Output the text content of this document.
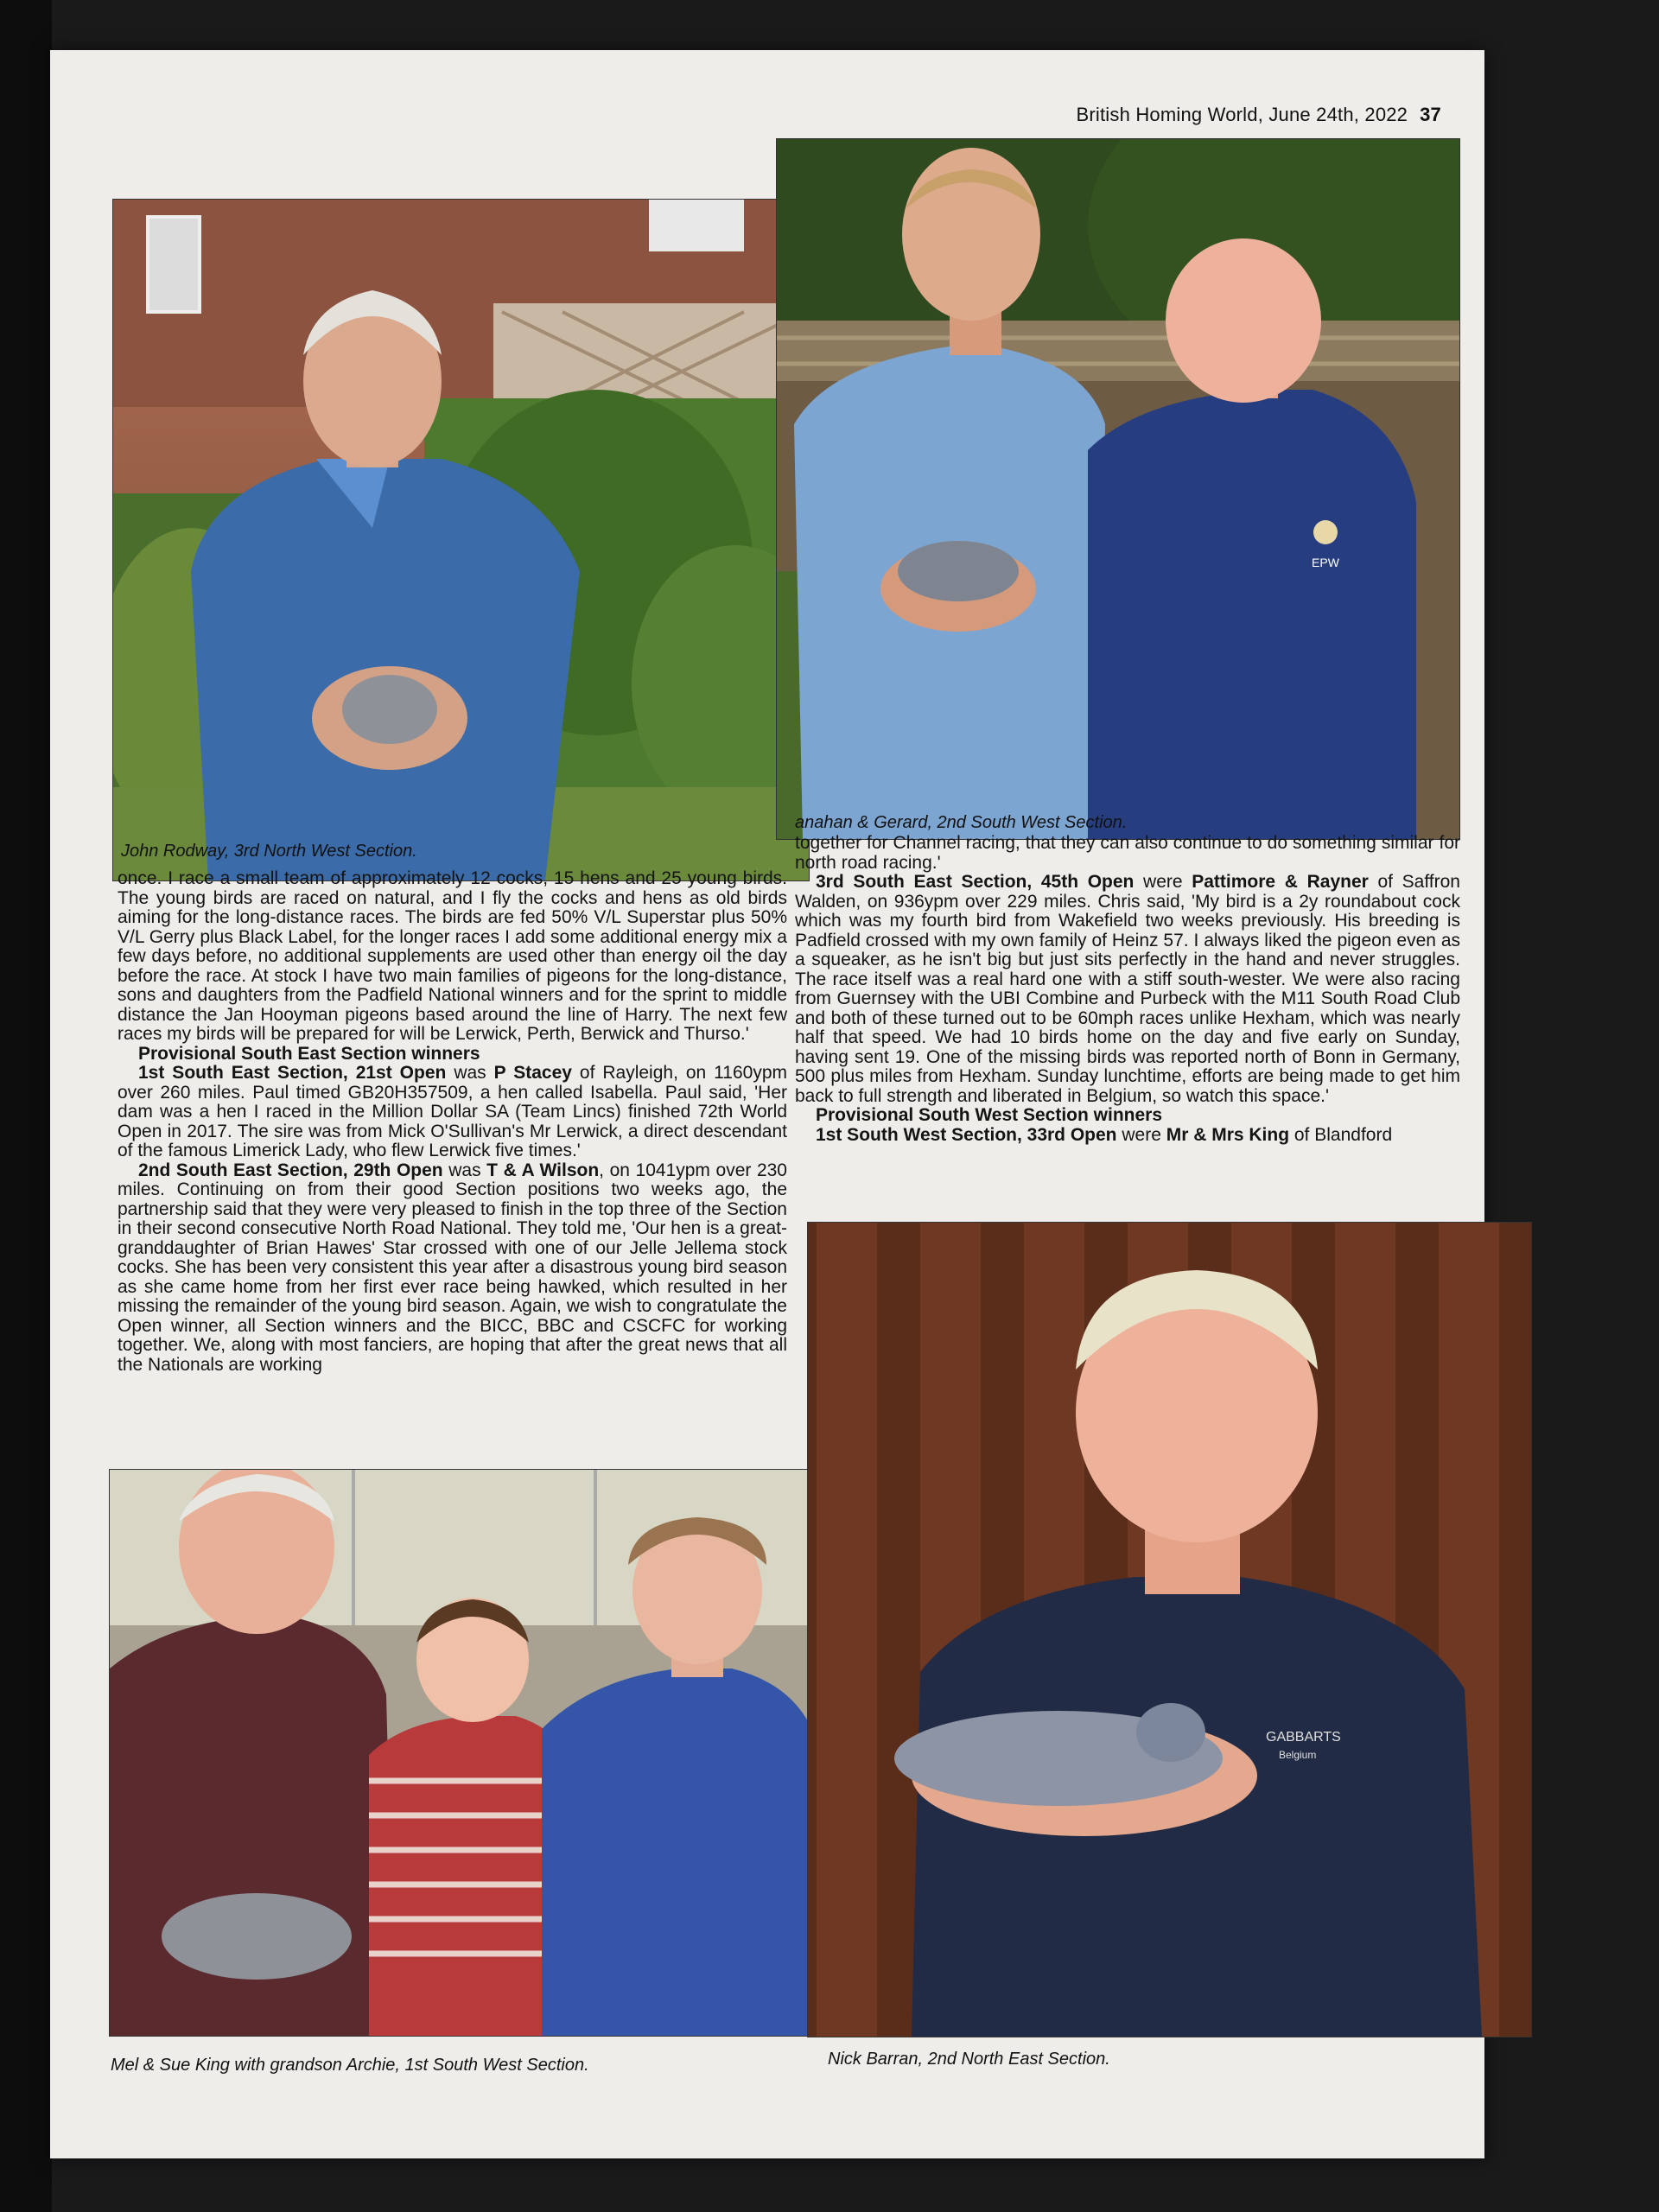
British Homing World, June 24th, 2022 37
John Rodway, 3rd North West Section.
EPW
anahan & Gerard, 2nd South West Section.

once. I race a small team of approximately 12 cocks, 15 hens and 25 young birds. The young birds are raced on natural, and I fly the cocks and hens as old birds aiming for the long-distance races. The birds are fed 50% V/L Superstar plus 50% V/L Gerry plus Black Label, for the longer races I add some additional energy mix a few days before, no additional supplements are used other than energy oil the day before the race. At stock I have two main families of pigeons for the long-distance, sons and daughters from the Padfield National winners and for the sprint to middle distance the Jan Hooyman pigeons based around the line of Harry. The next few races my birds will be prepared for will be Lerwick, Perth, Berwick and Thurso.'

Provisional South East Section winners

1st South East Section, 21st Open was P Stacey of Rayleigh, on 1160ypm over 260 miles. Paul timed GB20H357509, a hen called Isabella. Paul said, 'Her dam was a hen I raced in the Million Dollar SA (Team Lincs) finished 72th World Open in 2017. The sire was from Mick O'Sullivan's Mr Lerwick, a direct descendant of the famous Limerick Lady, who flew Lerwick five times.'

2nd South East Section, 29th Open was T & A Wilson, on 1041ypm over 230 miles. Continuing on from their good Section positions two weeks ago, the partnership said that they were very pleased to finish in the top three of the Section in their second consecutive North Road National. They told me, 'Our hen is a great-granddaughter of Brian Hawes' Star crossed with one of our Jelle Jellema stock cocks. She has been very consistent this year after a disastrous young bird season as she came home from her first ever race being hawked, which resulted in her missing the remainder of the young bird season. Again, we wish to congratulate the Open winner, all Section winners and the BICC, BBC and CSCFC for working together. We, along with most fanciers, are hoping that after the great news that all the Nationals are working

together for Channel racing, that they can also continue to do something similar for north road racing.'

3rd South East Section, 45th Open were Pattimore & Rayner of Saffron Walden, on 936ypm over 229 miles. Chris said, 'My bird is a 2y roundabout cock which was my fourth bird from Wakefield two weeks previously. His breeding is Padfield crossed with my own family of Heinz 57. I always liked the pigeon even as a squeaker, as he isn't big but just sits perfectly in the hand and never struggles. The race itself was a real hard one with a stiff south-wester. We were also racing from Guernsey with the UBI Combine and Purbeck with the M11 South Road Club and both of these turned out to be 60mph races unlike Hexham, which was nearly half that speed. We had 10 birds home on the day and five early on Sunday, having sent 19. One of the missing birds was reported north of Bonn in Germany, 500 plus miles from Hexham. Sunday lunchtime, efforts are being made to get him back to full strength and liberated in Belgium, so watch this space.'

Provisional South West Section winners

1st South West Section, 33rd Open were Mr & Mrs King of Blandford

Mel & Sue King with grandson Archie, 1st South West Section.
GABBARTS
Belgium
Nick Barran, 2nd North East Section.
